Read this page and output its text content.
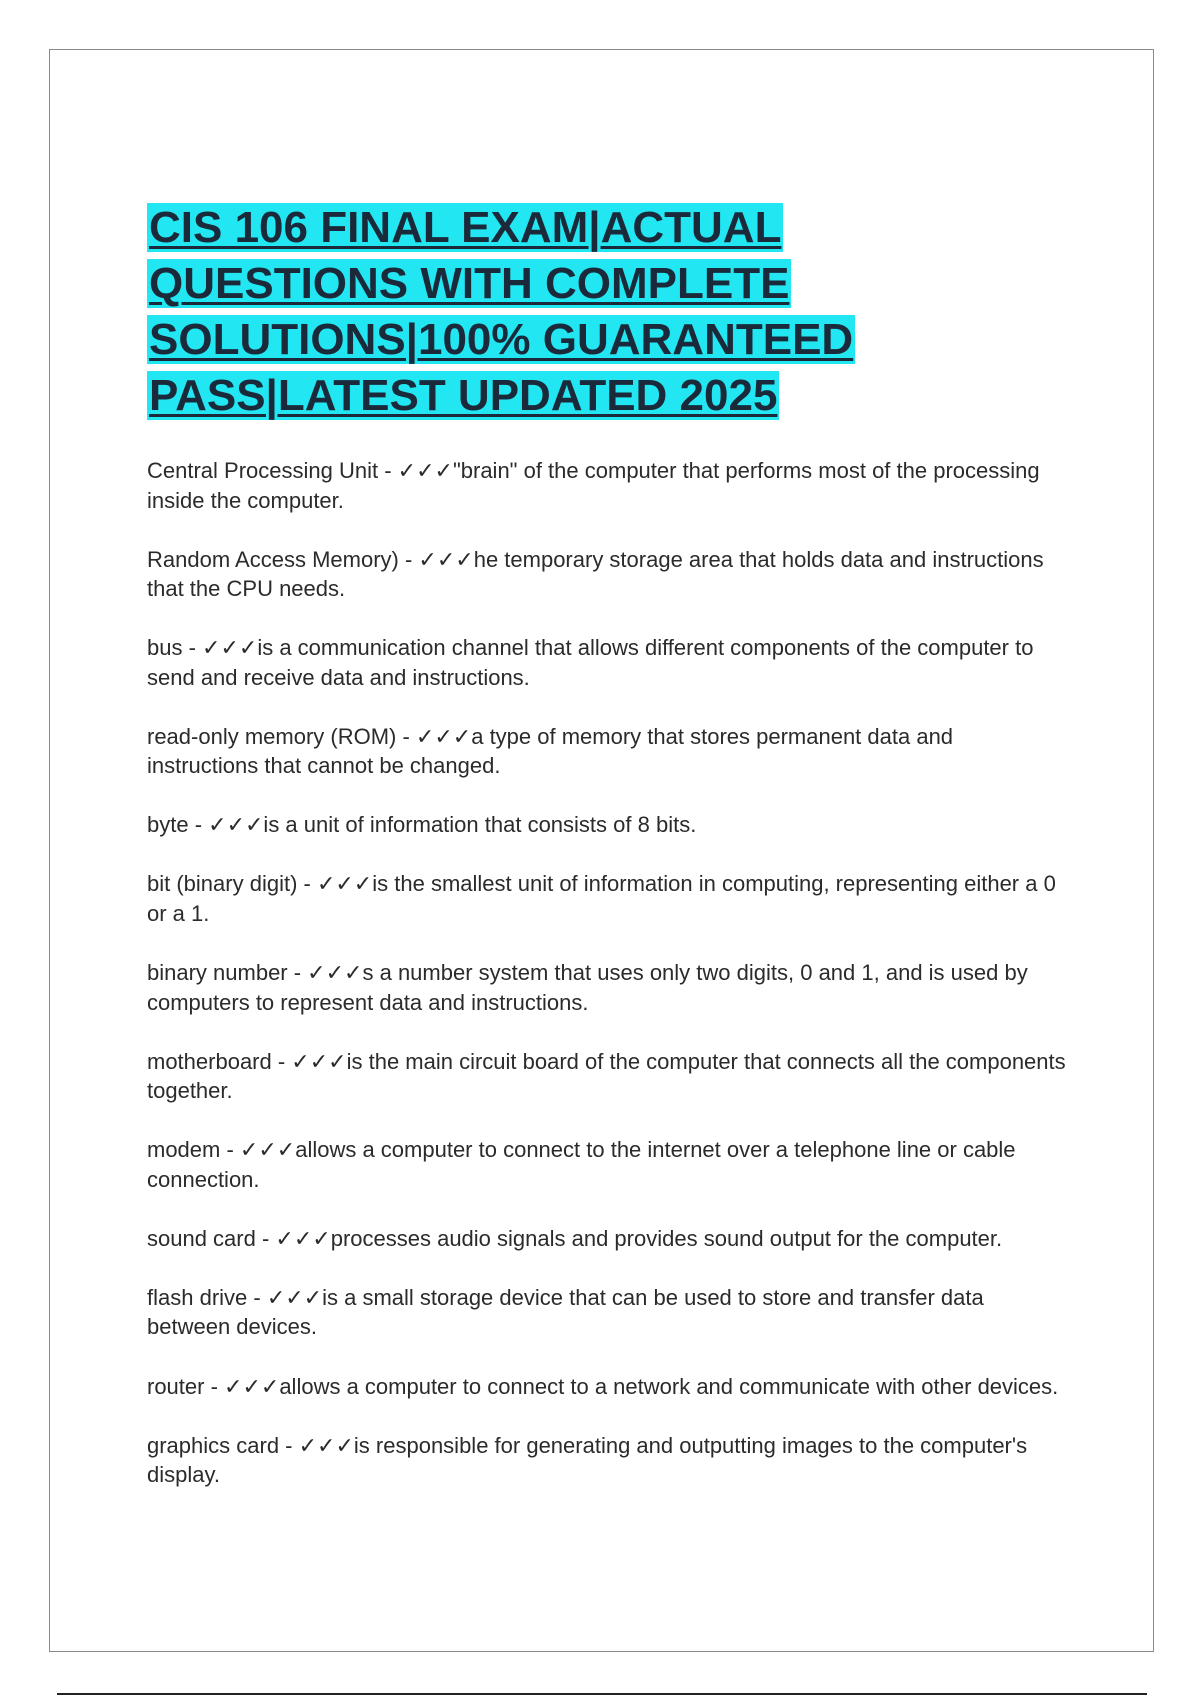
CIS 106 FINAL EXAM|ACTUAL QUESTIONS WITH COMPLETE SOLUTIONS|100% GUARANTEED PASS|LATEST UPDATED 2025
Central Processing Unit - ✓✓✓"brain" of the computer that performs most of the processing inside the computer.
Random Access Memory) - ✓✓✓he temporary storage area that holds data and instructions that the CPU needs.
bus - ✓✓✓is a communication channel that allows different components of the computer to send and receive data and instructions.
read-only memory (ROM) - ✓✓✓a type of memory that stores permanent data and instructions that cannot be changed.
byte - ✓✓✓is a unit of information that consists of 8 bits.
bit (binary digit) - ✓✓✓is the smallest unit of information in computing, representing either a 0 or a 1.
binary number - ✓✓✓s a number system that uses only two digits, 0 and 1, and is used by computers to represent data and instructions.
motherboard - ✓✓✓is the main circuit board of the computer that connects all the components together.
modem - ✓✓✓allows a computer to connect to the internet over a telephone line or cable connection.
sound card - ✓✓✓processes audio signals and provides sound output for the computer.
flash drive - ✓✓✓is a small storage device that can be used to store and transfer data between devices.
router - ✓✓✓allows a computer to connect to a network and communicate with other devices.
graphics card - ✓✓✓is responsible for generating and outputting images to the computer's display.
